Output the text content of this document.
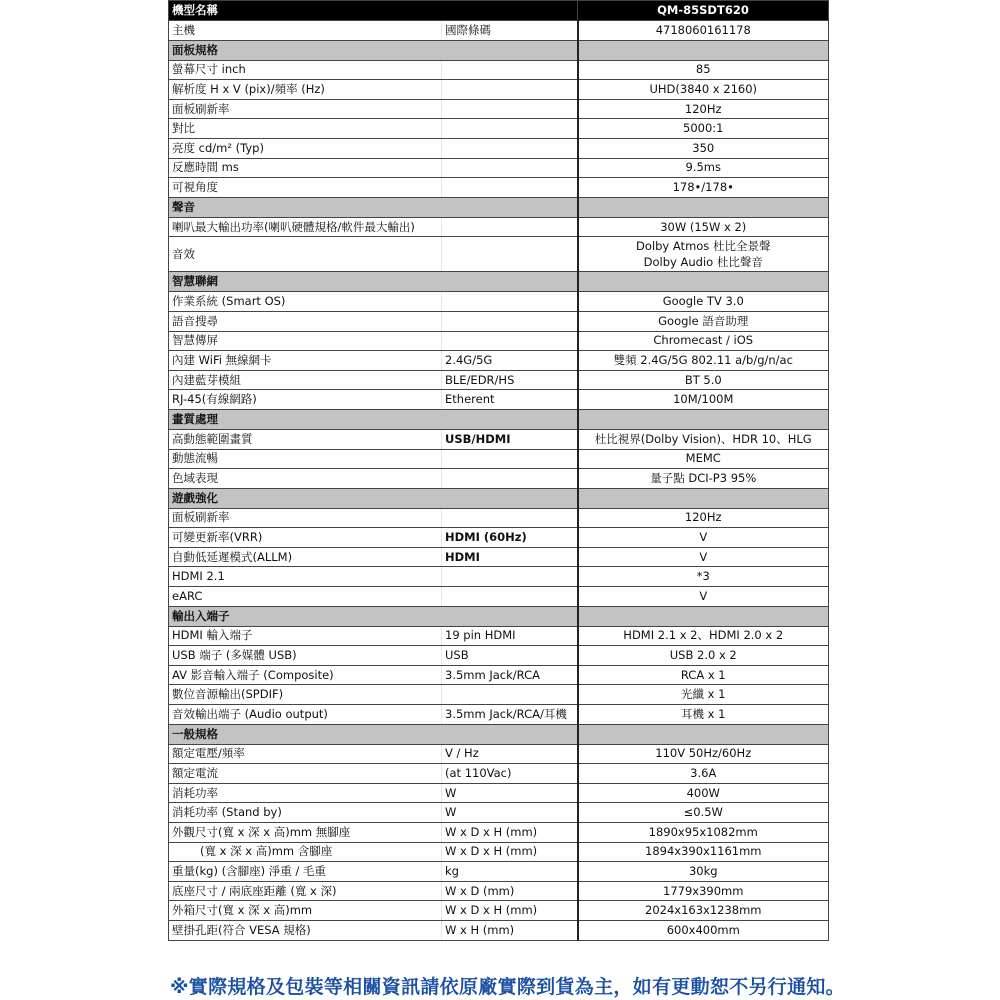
機型名稱		QM-85SDT620
主機	國際條碼	4718060161178
面板規格		
螢幕尺寸 inch		85
解析度 H x V (pix)/頻率 (Hz)		UHD(3840 x 2160)
面板刷新率		120Hz
對比		5000:1
亮度 cd/m² (Typ)		350
反應時間 ms		9.5ms
可視角度		178•/178•
聲音		
喇叭最大輸出功率(喇叭硬體規格/軟件最大輸出)		30W (15W x 2)
音效		Dolby Atmos 杜比全景聲
Dolby Audio 杜比聲音

智慧聯網		
作業系統 (Smart OS)		Google TV 3.0
語音搜尋		Google 語音助理
智慧傳屏		Chromecast / iOS
內建 WiFi 無線網卡	2.4G/5G	雙頻 2.4G/5G 802.11 a/b/g/n/ac
內建藍芽模組	BLE/EDR/HS	BT 5.0
RJ-45(有線網路)	Etherent	10M/100M
畫質處理		
高動態範圍畫質	USB/HDMI	杜比視界(Dolby Vision)、HDR 10、HLG
動態流暢		MEMC
色域表現		量子點 DCI-P3 95%
遊戲強化		
面板刷新率		120Hz
可變更新率(VRR)	HDMI (60Hz)	V
自動低延遲模式(ALLM)	HDMI	V
HDMI 2.1		*3
eARC		V
輸出入端子		
HDMI 輸入端子	19 pin HDMI	HDMI 2.1 x 2、HDMI 2.0 x 2
USB 端子 (多媒體 USB)	USB	USB 2.0 x 2
AV 影音輸入端子 (Composite)	3.5mm Jack/RCA	RCA x 1
數位音源輸出(SPDIF)		光纖 x 1
音效輸出端子 (Audio output)	3.5mm Jack/RCA/耳機	耳機 x 1
一般規格		
額定電壓/頻率	V / Hz	110V 50Hz/60Hz
額定電流	(at 110Vac)	3.6A
消耗功率	W	400W
消耗功率 (Stand by)	W	≤0.5W
外觀尺寸(寬 x 深 x 高)mm 無腳座	W x D x H (mm)	1890x95x1082mm
(寬 x 深 x 高)mm 含腳座	W x D x H (mm)	1894x390x1161mm
重量(kg) (含腳座) 淨重 / 毛重	kg	30kg
底座尺寸 / 兩底座距離 (寬 x 深)	W x D (mm)	1779x390mm
外箱尺寸(寬 x 深 x 高)mm	W x D x H (mm)	2024x163x1238mm
壁掛孔距(符合 VESA 規格)	W x H (mm)	600x400mm
※實際規格及包裝等相關資訊請依原廠實際到貨為主，如有更動恕不另行通知。
